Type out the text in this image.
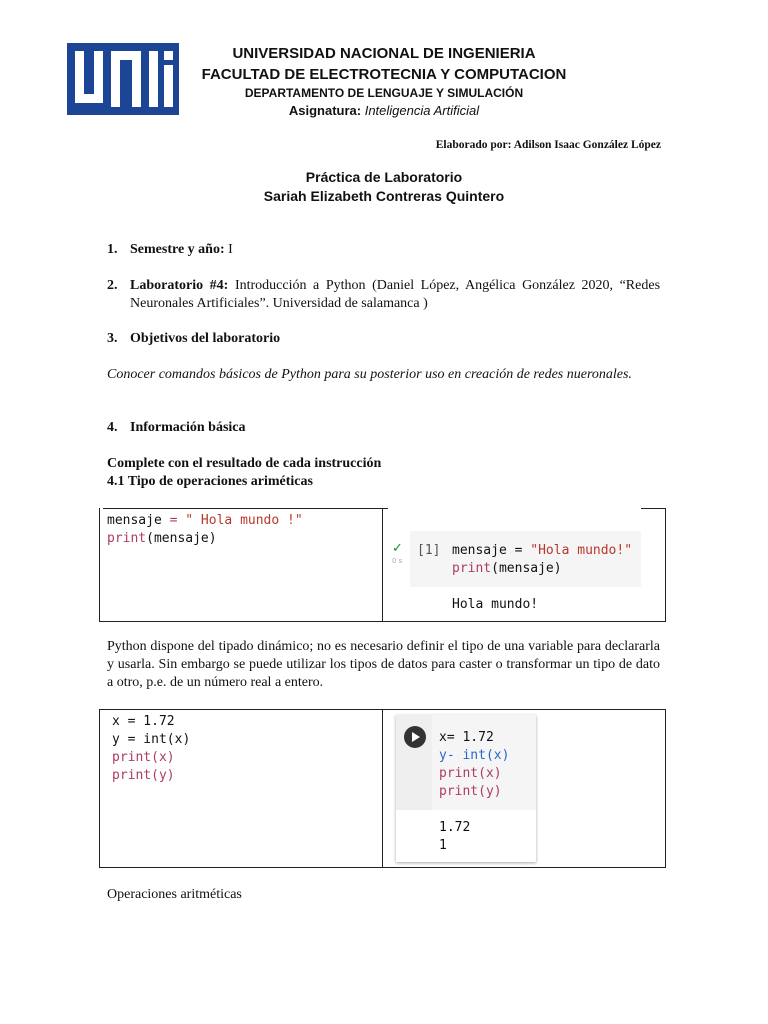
UNIVERSIDAD NACIONAL DE INGENIERIA
FACULTAD DE ELECTROTECNIA Y COMPUTACION
DEPARTAMENTO DE LENGUAJE Y SIMULACIÓN
Asignatura: Inteligencia Artificial
Elaborado por: Adilson Isaac González López
Práctica de Laboratorio
Sariah Elizabeth Contreras Quintero
1. Semestre y año: I
2. Laboratorio #4: Introducción a Python (Daniel López, Angélica González 2020, “Redes Neuronales Artificiales”. Universidad de salamanca )
3. Objetivos del laboratorio
Conocer comandos básicos de Python para su posterior uso en creación de redes nueronales.
4. Información básica
Complete con el resultado de cada instrucción
4.1 Tipo de operaciones ariméticas
mensaje = " Hola mundo !"
print(mensaje)
✓
0 s
[1] mensaje = "Hola mundo!"
print(mensaje)
Hola mundo!
Python dispone del tipado dinámico; no es necesario definir el tipo de una variable para declararla y usarla. Sin embargo se puede utilizar los tipos de datos para caster o transformar un tipo de dato a otro, p.e. de un número real a entero.
x = 1.72
y = int(x)
print(x)
print(y)
x= 1.72
y- int(x)
print(x)
print(y)
1.72
1
Operaciones aritméticas
